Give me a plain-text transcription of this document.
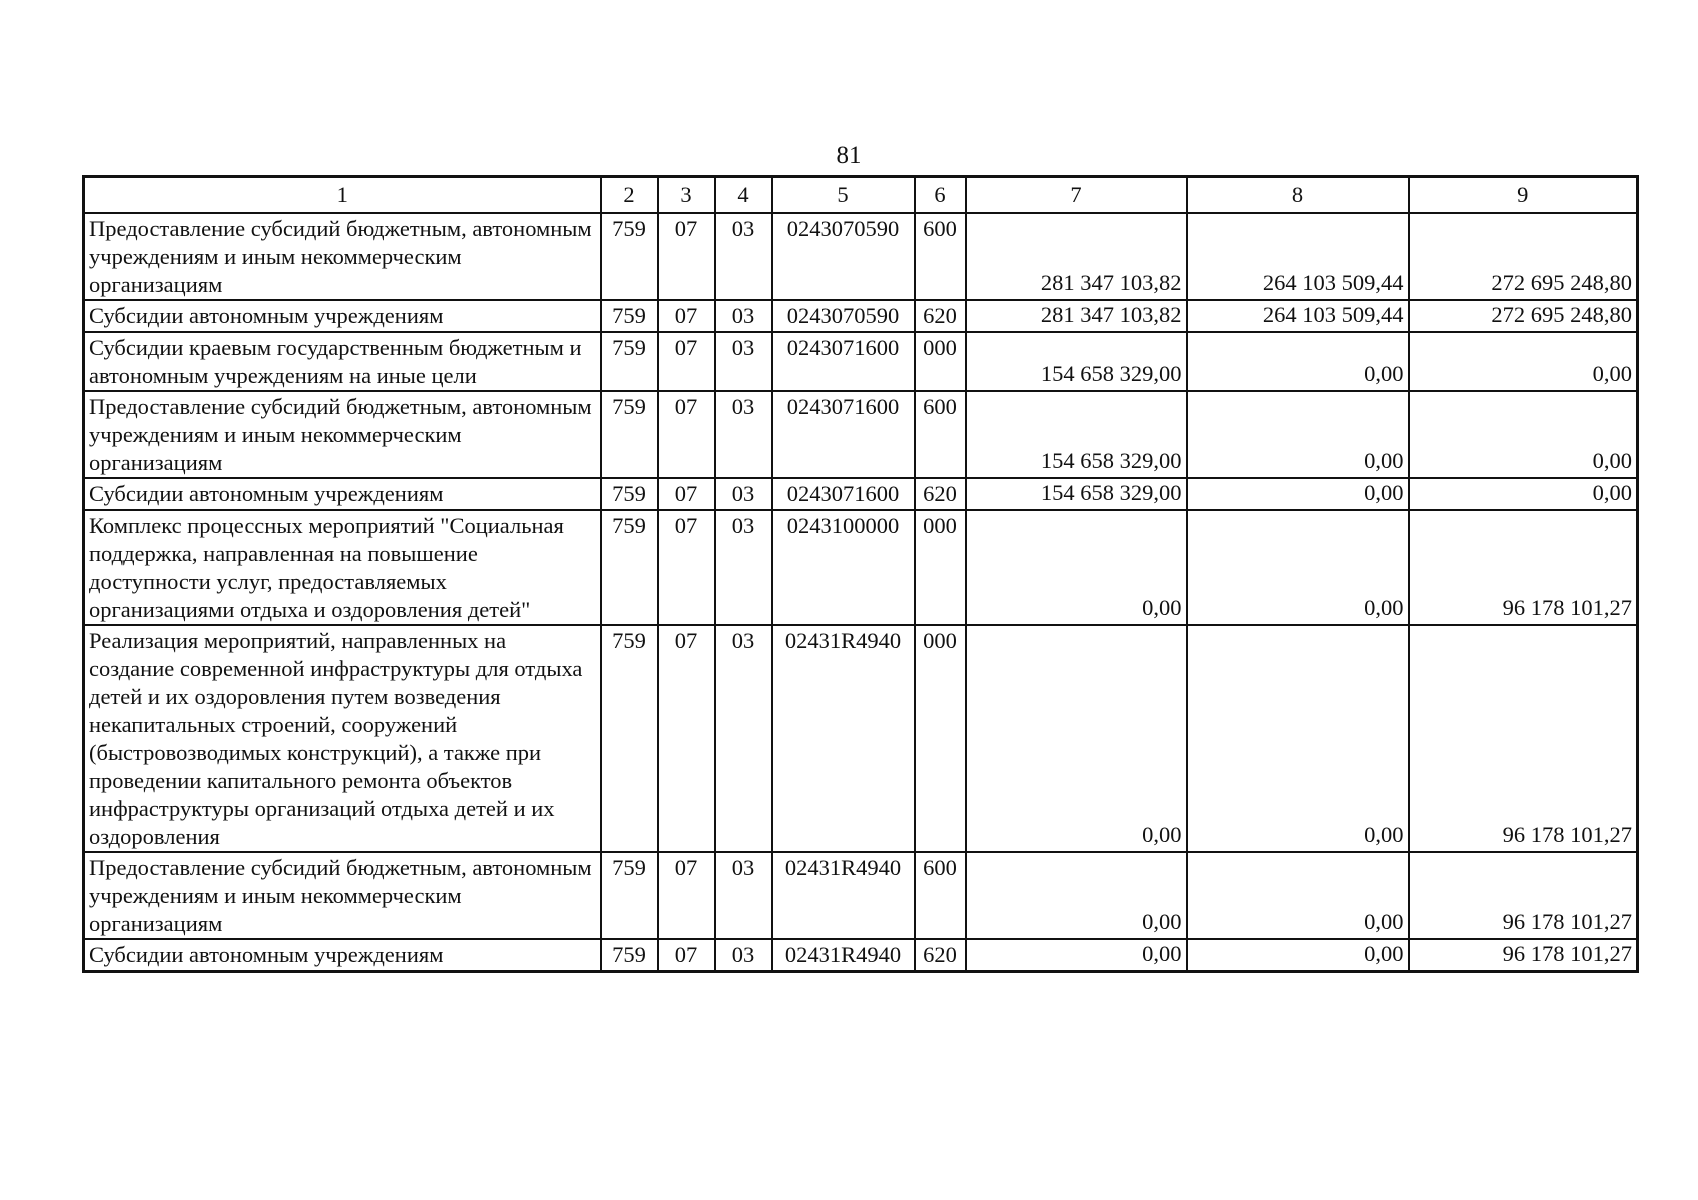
81
1	2	3	4	5	6	7	8	9
Предоставление субсидий бюджетным, автономным учреждениям и иным некоммерческим организациям	759	07	03	0243070590	600	281 347 103,82	264 103 509,44	272 695 248,80
Субсидии автономным учреждениям	759	07	03	0243070590	620	281 347 103,82	264 103 509,44	272 695 248,80
Субсидии краевым государственным бюджетным и автономным учреждениям на иные цели	759	07	03	0243071600	000	154 658 329,00	0,00	0,00
Предоставление субсидий бюджетным, автономным учреждениям и иным некоммерческим организациям	759	07	03	0243071600	600	154 658 329,00	0,00	0,00
Субсидии автономным учреждениям	759	07	03	0243071600	620	154 658 329,00	0,00	0,00
Комплекс процессных мероприятий "Социальная поддержка, направленная на повышение доступности услуг, предоставляемых организациями отдыха и оздоровления детей"	759	07	03	0243100000	000	0,00	0,00	96 178 101,27
Реализация мероприятий, направленных на создание современной инфраструктуры для отдыха детей и их оздоровления путем возведения некапитальных строений, сооружений (быстровозводимых конструкций), а также при проведении капитального ремонта объектов инфраструктуры организаций отдыха детей и их оздоровления	759	07	03	02431R4940	000	0,00	0,00	96 178 101,27
Предоставление субсидий бюджетным, автономным учреждениям и иным некоммерческим организациям	759	07	03	02431R4940	600	0,00	0,00	96 178 101,27
Субсидии автономным учреждениям	759	07	03	02431R4940	620	0,00	0,00	96 178 101,27
